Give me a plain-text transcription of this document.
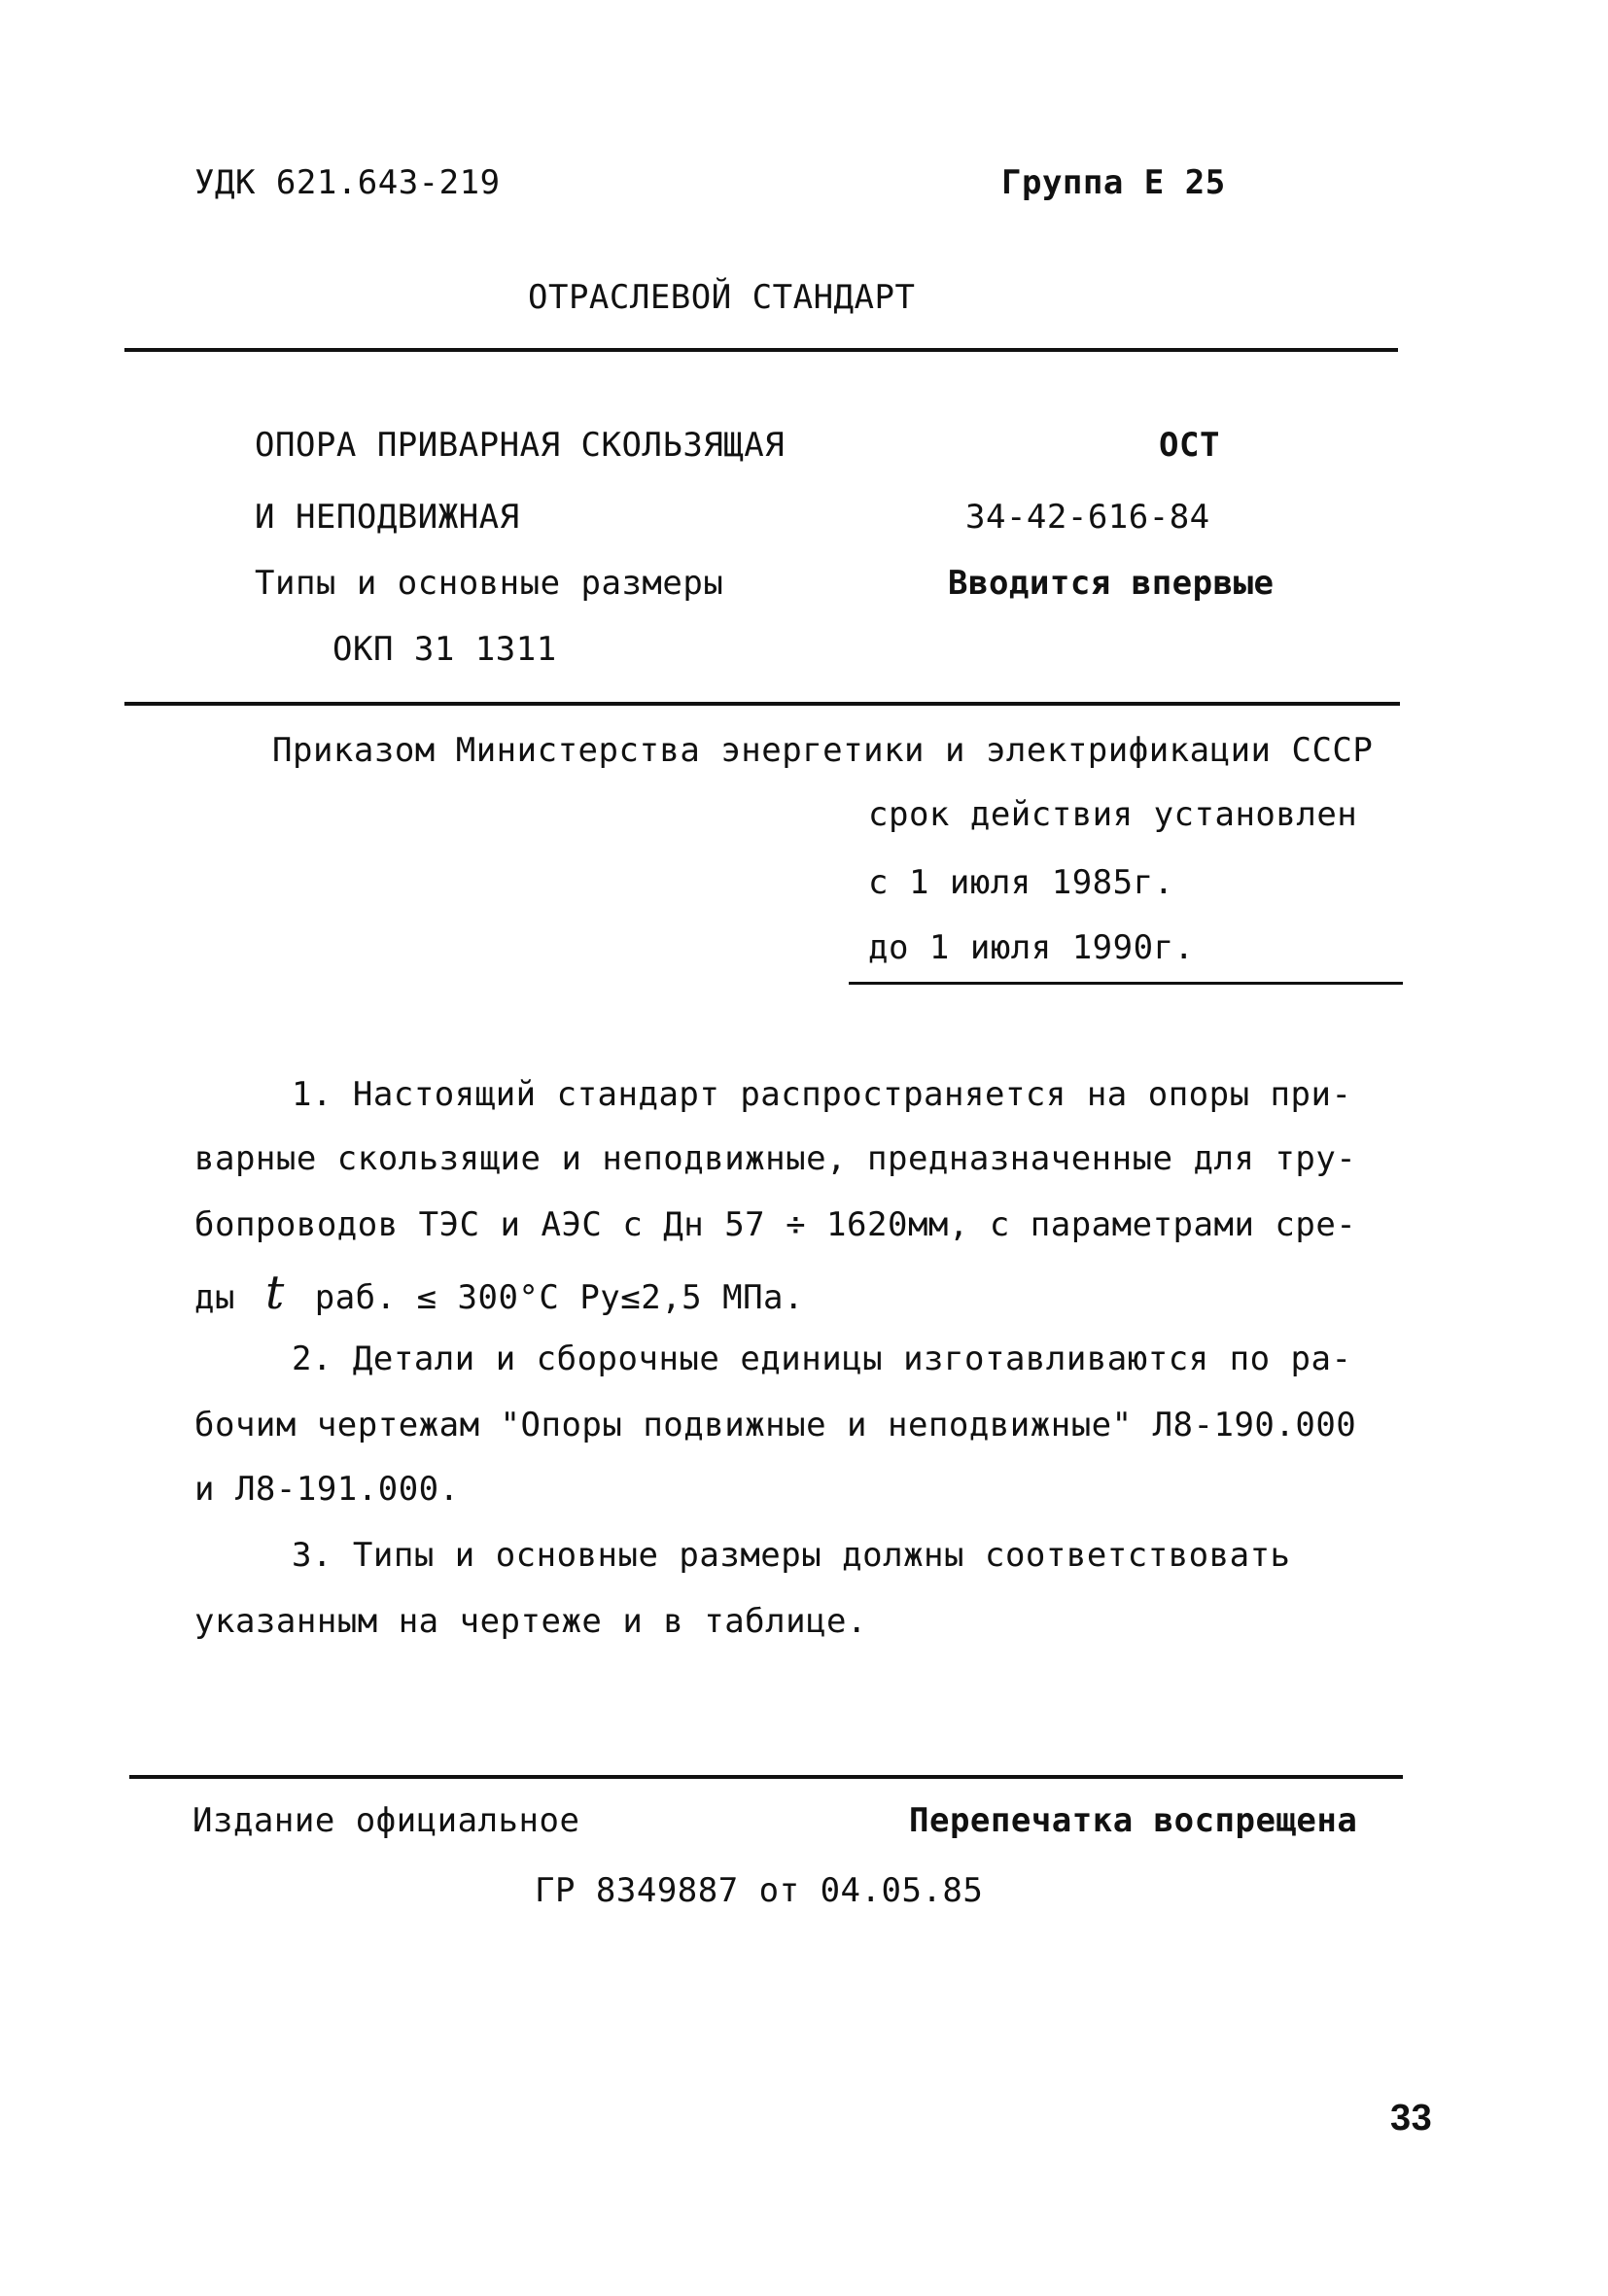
УДК 621.643-219	Группа Е 25
ОТРАСЛЕВОЙ СТАНДАРТ
ОПОРА ПРИВАРНАЯ СКОЛЬЗЯЩАЯ
И НЕПОДВИЖНАЯ
Типы и основные размеры
ОКП 31 1311
ОСТ
34-42-616-84
Вводится впервые
Приказом Министерства энергетики и электрификации СССР
срок действия установлен
с 1 июля 1985г.
до 1 июля 1990г.
1. Настоящий стандарт распространяется на опоры при-
варные скользящие и неподвижные, предназначенные для тру-
бопроводов ТЭС и АЭС с Дн 57 ÷ 1620мм, с параметрами сре-
ды t раб. ≤ 300°С Ру≤2,5 МПа.
2. Детали и сборочные единицы изготавливаются по ра-
бочим чертежам "Опоры подвижные и неподвижные" Л8-190.000
и Л8-191.000.
3. Типы и основные размеры должны соответствовать
указанным на чертеже и в таблице.
Издание официальное	Перепечатка воспрещена
ГР 8349887 от 04.05.85
33
